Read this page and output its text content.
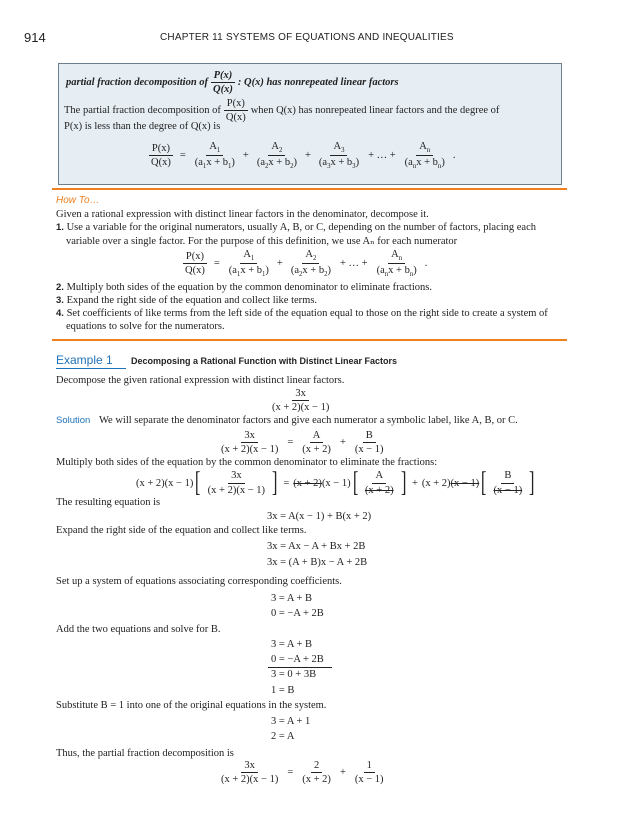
914	CHAPTER 11 SYSTEMS OF EQUATIONS AND INEQUALITIES
partial fraction decomposition of $\frac{P(x)}{Q(x)}$ : Q(x) has nonrepeated linear factors
The partial fraction decomposition of $\frac{P(x)}{Q(x)}$ when Q(x) has nonrepeated linear factors and the degree of
P(x) is less than the degree of Q(x) is
$\frac{P(x)}{Q(x)} = \frac{A_1}{(a_1x + b_1)} + \frac{A_2}{(a_2x + b_2)} + \frac{A_3}{(a_3x + b_3)}$ + … + $\frac{A_n}{(a_nx + b_n)}$ .
How To…
Given a rational expression with distinct linear factors in the denominator, decompose it.
1. Use a variable for the original numerators, usually A, B, or C, depending on the number of factors, placing each
variable over a single factor. For the purpose of this definition, we use Aₙ for each numerator
$\frac{P(x)}{Q(x)} = \frac{A_1}{(a_1x + b_1)} + \frac{A_2}{(a_2x + b_2)}$ + … + $\frac{A_n}{(a_nx + b_n)}$ .
2. Multiply both sides of the equation by the common denominator to eliminate fractions.
3. Expand the right side of the equation and collect like terms.
4. Set coefficients of like terms from the left side of the equation equal to those on the right side to create a system of
equations to solve for the numerators.
Example 1 Decomposing a Rational Function with Distinct Linear Factors
Decompose the given rational expression with distinct linear factors.
$\frac{3x}{(x + 2)(x - 1)}$
Solution We will separate the denominator factors and give each numerator a symbolic label, like A, B, or C.
$\frac{3x}{(x + 2)(x - 1)} = \frac{A}{(x + 2)} + \frac{B}{(x - 1)}$
Multiply both sides of the equation by the common denominator to eliminate the fractions:
(x + 2)(x − 1) [ $\frac{3x}{(x + 2)(x - 1)}$ ] = (x + 2)(x − 1) [ $\frac{A}{(x + 2)}$ ] + (x + 2)(x − 1) [ $\frac{B}{(x - 1)}$ ]
The resulting equation is
3x = A(x − 1) + B(x + 2)
Expand the right side of the equation and collect like terms.
3x = Ax − A + Bx + 2B
3x = (A + B)x − A + 2B
Set up a system of equations associating corresponding coefficients.
3 = A + B
0 = −A + 2B
Add the two equations and solve for B.
3 = A + B
0 = −A + 2B
3 = 0 + 3B
1 = B
Substitute B = 1 into one of the original equations in the system.
3 = A + 1
2 = A
Thus, the partial fraction decomposition is
$\frac{3x}{(x + 2)(x - 1)} = \frac{2}{(x + 2)} + \frac{1}{(x - 1)}$
